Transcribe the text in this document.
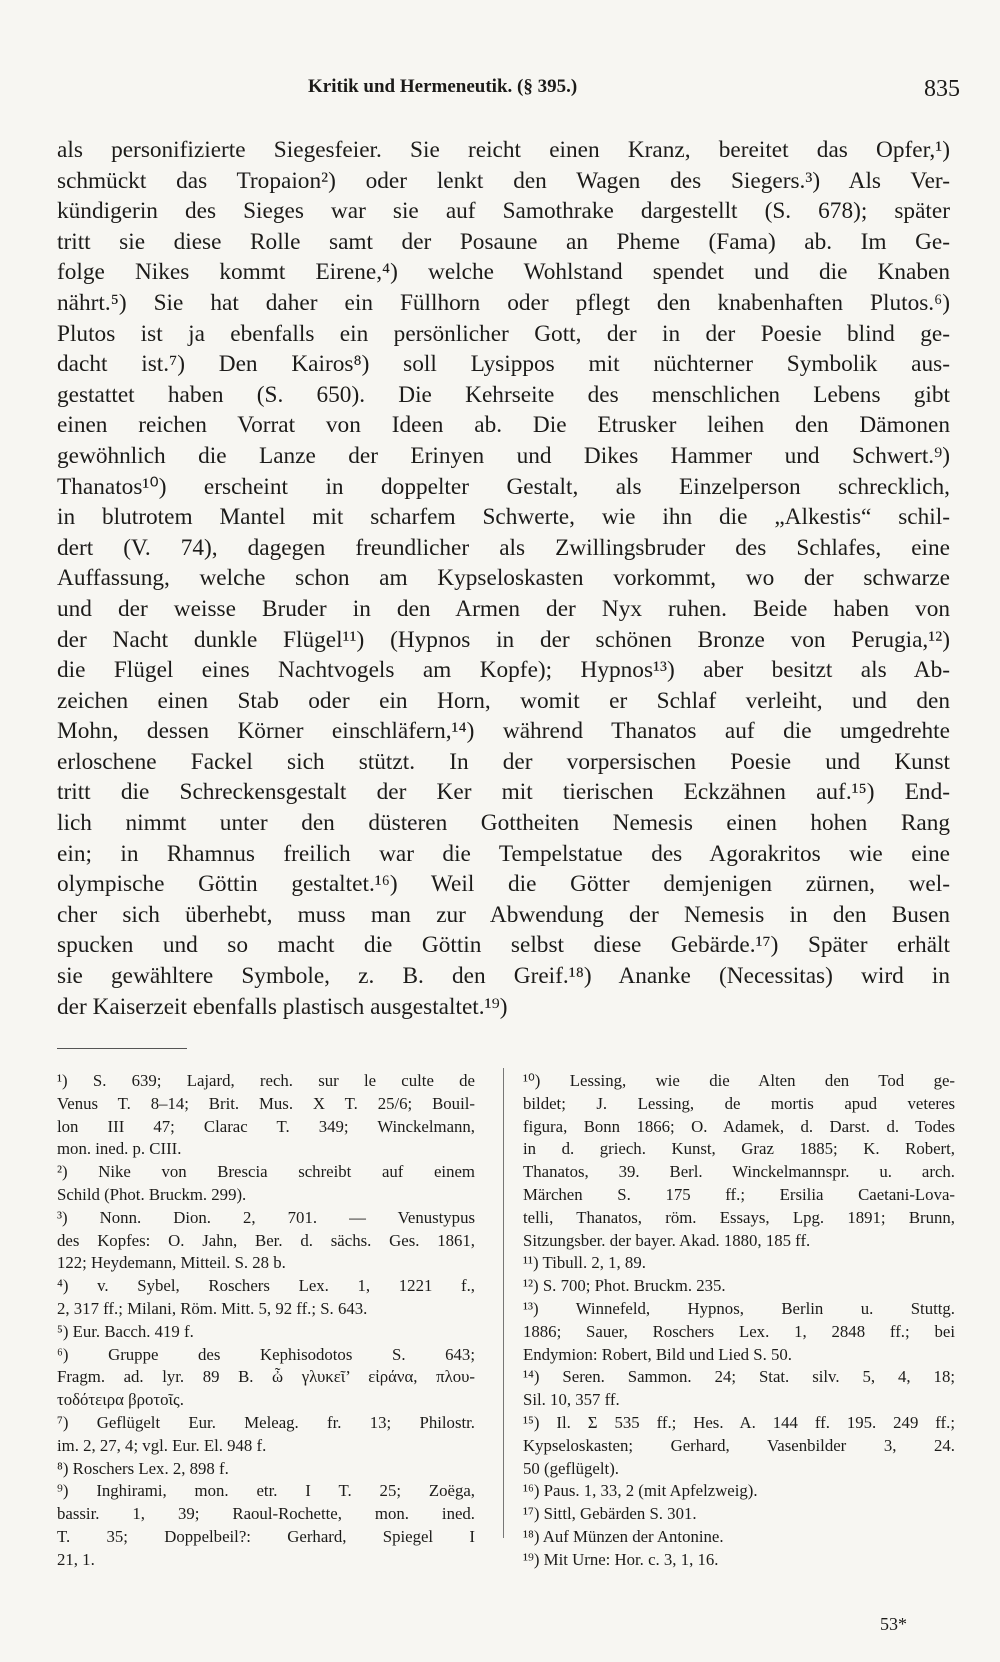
Kritik und Hermeneutik. (§ 395.)	835
als personifizierte Siegesfeier. Sie reicht einen Kranz, bereitet das Opfer,¹)
schmückt das Tropaion²) oder lenkt den Wagen des Siegers.³) Als Ver-
kündigerin des Sieges war sie auf Samothrake dargestellt (S. 678); später
tritt sie diese Rolle samt der Posaune an Pheme (Fama) ab. Im Ge-
folge Nikes kommt Eirene,⁴) welche Wohlstand spendet und die Knaben
nährt.⁵) Sie hat daher ein Füllhorn oder pflegt den knabenhaften Plutos.⁶)
Plutos ist ja ebenfalls ein persönlicher Gott, der in der Poesie blind ge-
dacht ist.⁷) Den Kairos⁸) soll Lysippos mit nüchterner Symbolik aus-
gestattet haben (S. 650). Die Kehrseite des menschlichen Lebens gibt
einen reichen Vorrat von Ideen ab. Die Etrusker leihen den Dämonen
gewöhnlich die Lanze der Erinyen und Dikes Hammer und Schwert.⁹)
Thanatos¹⁰) erscheint in doppelter Gestalt, als Einzelperson schrecklich,
in blutrotem Mantel mit scharfem Schwerte, wie ihn die „Alkestis“ schil-
dert (V. 74), dagegen freundlicher als Zwillingsbruder des Schlafes, eine
Auffassung, welche schon am Kypseloskasten vorkommt, wo der schwarze
und der weisse Bruder in den Armen der Nyx ruhen. Beide haben von
der Nacht dunkle Flügel¹¹) (Hypnos in der schönen Bronze von Perugia,¹²)
die Flügel eines Nachtvogels am Kopfe); Hypnos¹³) aber besitzt als Ab-
zeichen einen Stab oder ein Horn, womit er Schlaf verleiht, und den
Mohn, dessen Körner einschläfern,¹⁴) während Thanatos auf die umgedrehte
erloschene Fackel sich stützt. In der vorpersischen Poesie und Kunst
tritt die Schreckensgestalt der Ker mit tierischen Eckzähnen auf.¹⁵) End-
lich nimmt unter den düsteren Gottheiten Nemesis einen hohen Rang
ein; in Rhamnus freilich war die Tempelstatue des Agorakritos wie eine
olympische Göttin gestaltet.¹⁶) Weil die Götter demjenigen zürnen, wel-
cher sich überhebt, muss man zur Abwendung der Nemesis in den Busen
spucken und so macht die Göttin selbst diese Gebärde.¹⁷) Später erhält
sie gewähltere Symbole, z. B. den Greif.¹⁸) Ananke (Necessitas) wird in
der Kaiserzeit ebenfalls plastisch ausgestaltet.¹⁹)
¹) S. 639; Lajard, rech. sur le culte de
Venus T. 8–14; Brit. Mus. X T. 25/6; Bouil-
lon III 47; Clarac T. 349; Winckelmann,
mon. ined. p. CIII.
²) Nike von Brescia schreibt auf einem
Schild (Phot. Bruckm. 299).
³) Nonn. Dion. 2, 701. — Venustypus
des Kopfes: O. Jahn, Ber. d. sächs. Ges. 1861,
122; Heydemann, Mitteil. S. 28 b.
⁴) v. Sybel, Roschers Lex. 1, 1221 f.,
2, 317 ff.; Milani, Röm. Mitt. 5, 92 ff.; S. 643.
⁵) Eur. Bacch. 419 f.
⁶) Gruppe des Kephisodotos S. 643;
Fragm. ad. lyr. 89 B. ὦ γλυκεῖ’ εἰράνα, πλου-
τοδότειρα βροτοῖς.
⁷) Geflügelt Eur. Meleag. fr. 13; Philostr.
im. 2, 27, 4; vgl. Eur. El. 948 f.
⁸) Roschers Lex. 2, 898 f.
⁹) Inghirami, mon. etr. I T. 25; Zoëga,
bassir. 1, 39; Raoul-Rochette, mon. ined.
T. 35; Doppelbeil?: Gerhard, Spiegel I
21, 1.
¹⁰) Lessing, wie die Alten den Tod ge-
bildet; J. Lessing, de mortis apud veteres
figura, Bonn 1866; O. Adamek, d. Darst. d. Todes
in d. griech. Kunst, Graz 1885; K. Robert,
Thanatos, 39. Berl. Winckelmannspr. u. arch.
Märchen S. 175 ff.; Ersilia Caetani-Lova-
telli, Thanatos, röm. Essays, Lpg. 1891; Brunn,
Sitzungsber. der bayer. Akad. 1880, 185 ff.
¹¹) Tibull. 2, 1, 89.
¹²) S. 700; Phot. Bruckm. 235.
¹³) Winnefeld, Hypnos, Berlin u. Stuttg.
1886; Sauer, Roschers Lex. 1, 2848 ff.; bei
Endymion: Robert, Bild und Lied S. 50.
¹⁴) Seren. Sammon. 24; Stat. silv. 5, 4, 18;
Sil. 10, 357 ff.
¹⁵) Il. Σ 535 ff.; Hes. A. 144 ff. 195. 249 ff.;
Kypseloskasten; Gerhard, Vasenbilder 3, 24.
50 (geflügelt).
¹⁶) Paus. 1, 33, 2 (mit Apfelzweig).
¹⁷) Sittl, Gebärden S. 301.
¹⁸) Auf Münzen der Antonine.
¹⁹) Mit Urne: Hor. c. 3, 1, 16.
53*
